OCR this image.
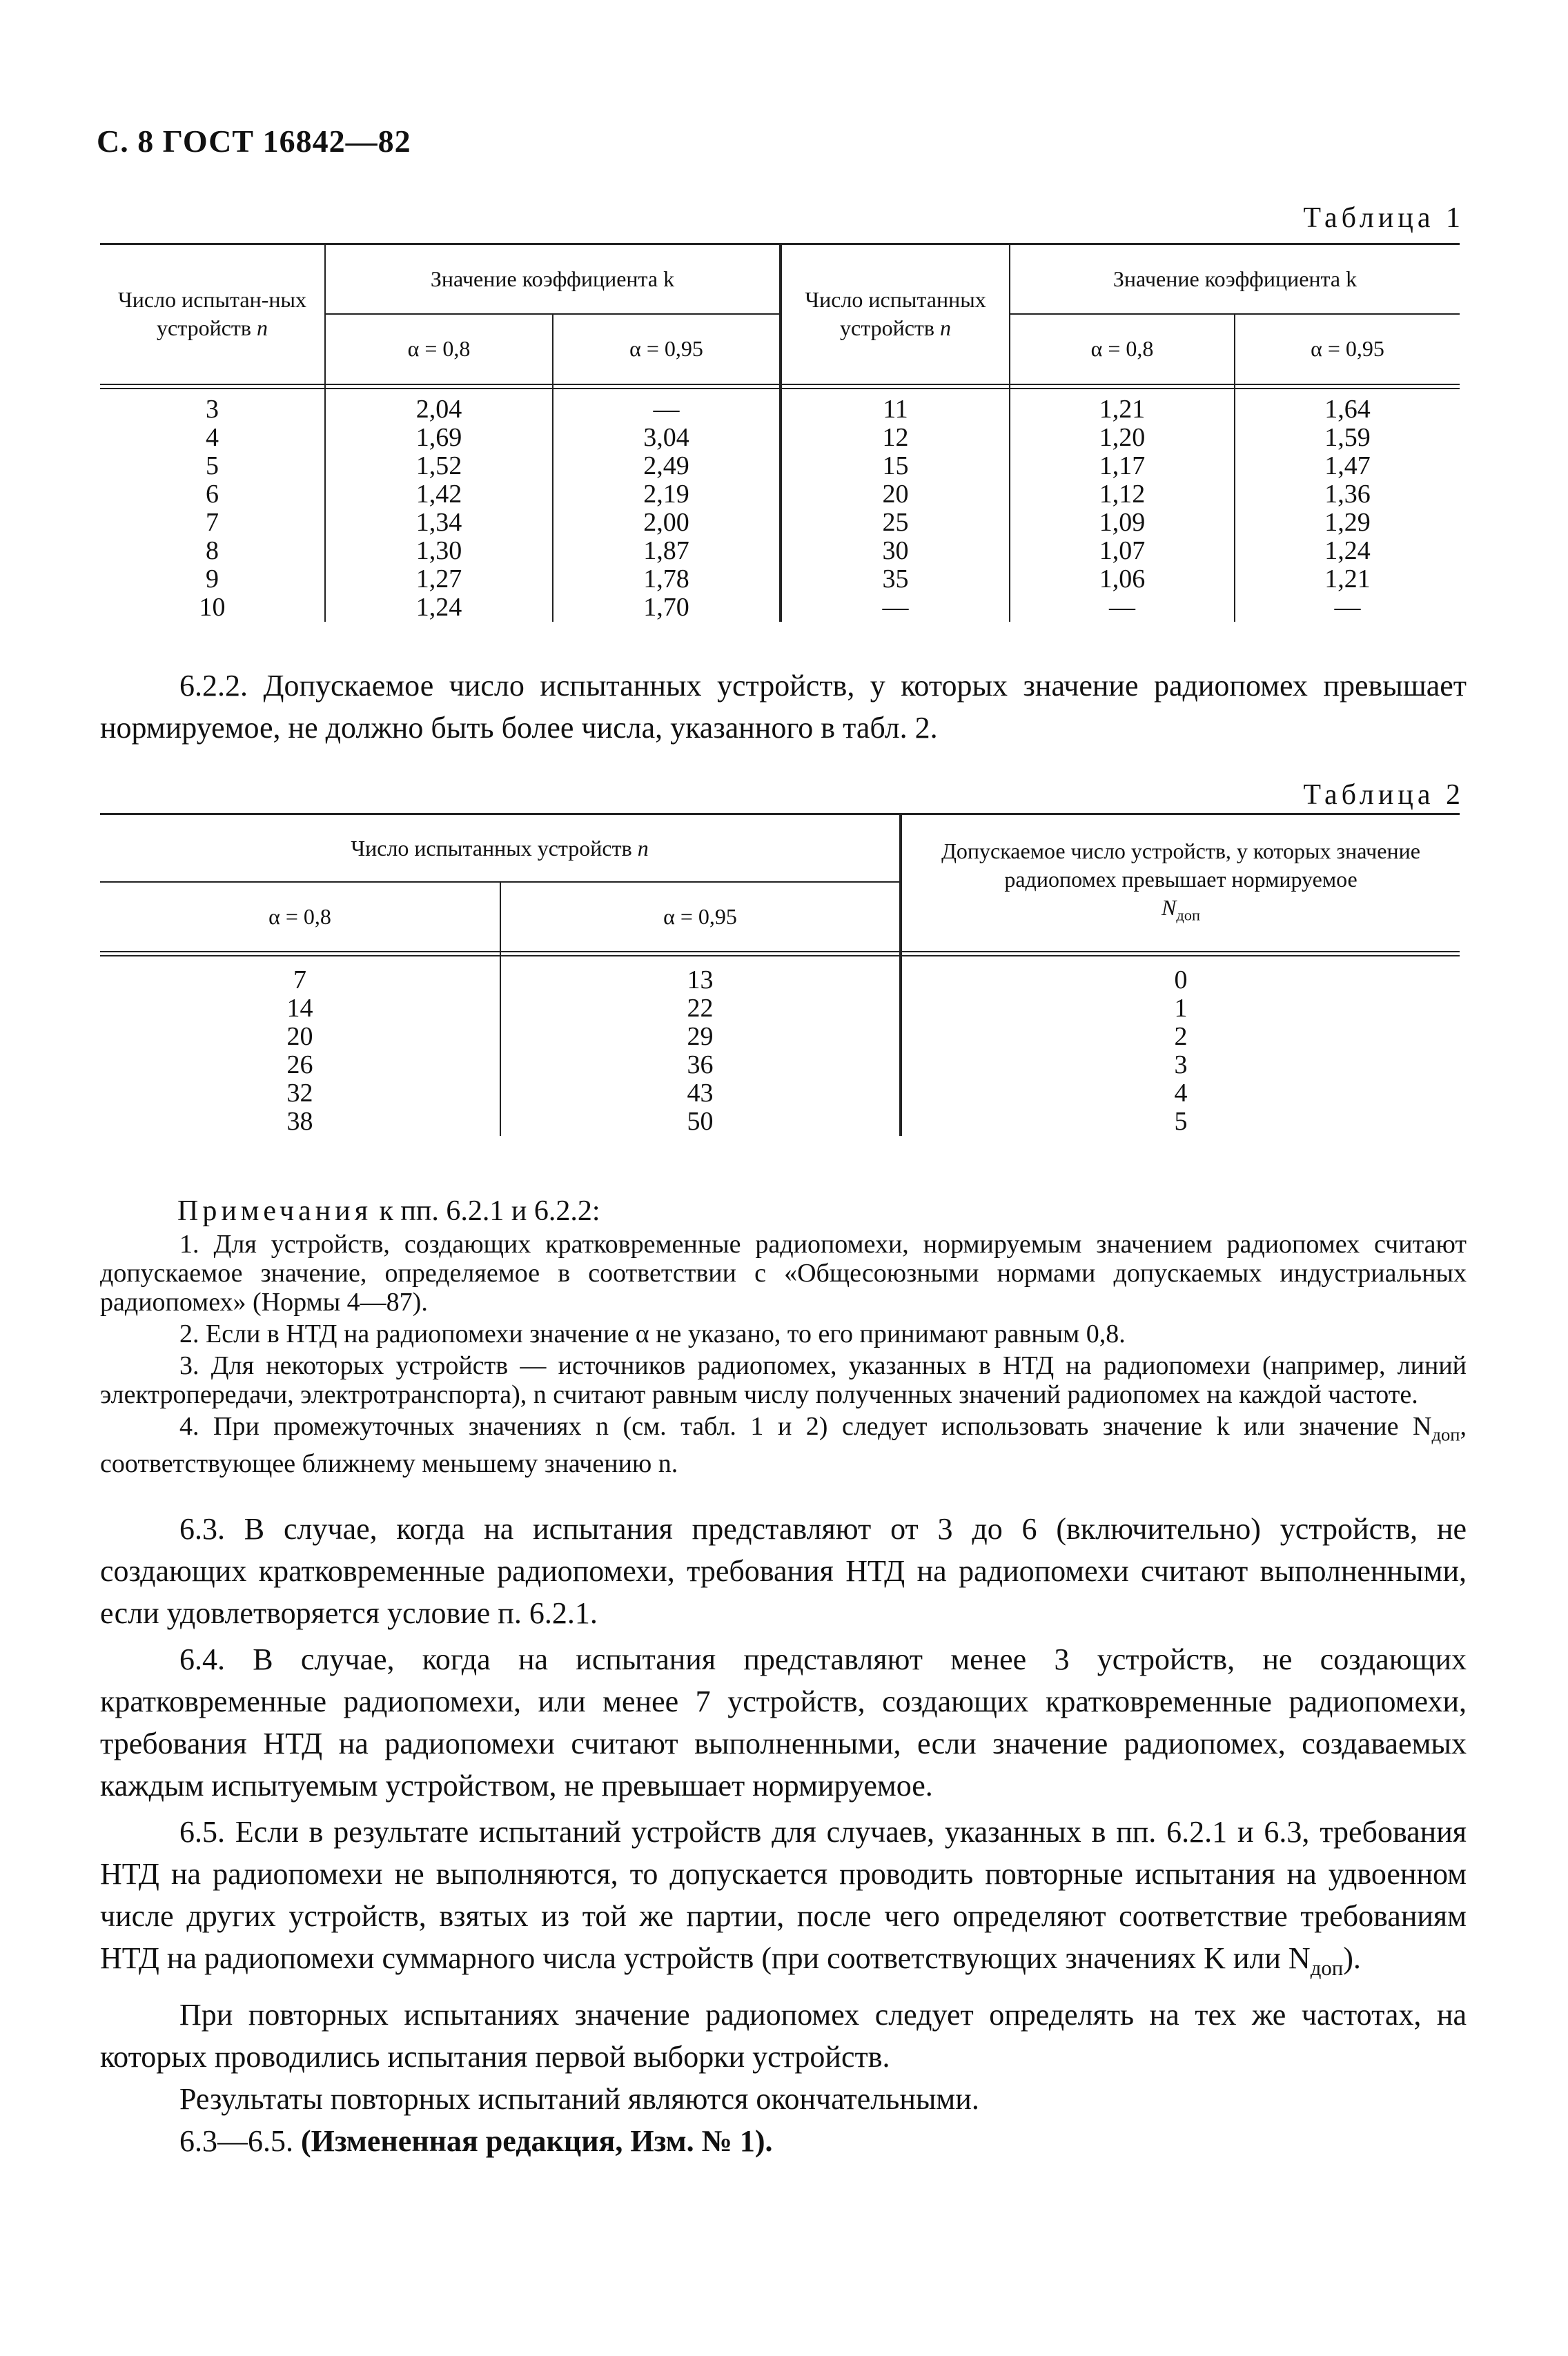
С. 8 ГОСТ 16842—82
Таблица 1
Число испытан-ных устройств n	Значение коэффициента k		Число испытанных устройств n	Значение коэффициента k	
	α = 0,8	α = 0,95		α = 0,8	α = 0,95
3	2,04	—	11	1,21	1,64
4	1,69	3,04	12	1,20	1,59
5	1,52	2,49	15	1,17	1,47
6	1,42	2,19	20	1,12	1,36
7	1,34	2,00	25	1,09	1,29
8	1,30	1,87	30	1,07	1,24
9	1,27	1,78	35	1,06	1,21
10	1,24	1,70	—	—	—
6.2.2. Допускаемое число испытанных устройств, у которых значение радиопомех превышает нормируемое, не должно быть более числа, указанного в табл. 2.
Таблица 2
Число испытанных устройств n		Допускаемое число устройств, у которых значение радиопомех превышает нормируемое
$N_{доп}$
α = 0,8	α = 0,95	
7	13	0
14	22	1
20	29	2
26	36	3
32	43	4
38	50	5
Примечания к пп. 6.2.1 и 6.2.2:
1. Для устройств, создающих кратковременные радиопомехи, нормируемым значением радиопомех считают допускаемое значение, определяемое в соответствии с «Общесоюзными нормами допускаемых индустриальных радиопомех» (Нормы 4—87).
2. Если в НТД на радиопомехи значение α не указано, то его принимают равным 0,8.
3. Для некоторых устройств — источников радиопомех, указанных в НТД на радиопомехи (например, линий электропередачи, электротранспорта), n считают равным числу полученных значений радиопомех на каждой частоте.
4. При промежуточных значениях n (см. табл. 1 и 2) следует использовать значение k или значение $N_{доп}$, соответствующее ближнему меньшему значению n.
6.3. В случае, когда на испытания представляют от 3 до 6 (включительно) устройств, не создающих кратковременные радиопомехи, требования НТД на радиопомехи считают выполненными, если удовлетворяется условие п. 6.2.1.
6.4. В случае, когда на испытания представляют менее 3 устройств, не создающих кратковременные радиопомехи, или менее 7 устройств, создающих кратковременные радиопомехи, требования НТД на радиопомехи считают выполненными, если значение радиопомех, создаваемых каждым испытуемым устройством, не превышает нормируемое.
6.5. Если в результате испытаний устройств для случаев, указанных в пп. 6.2.1 и 6.3, требования НТД на радиопомехи не выполняются, то допускается проводить повторные испытания на удвоенном числе других устройств, взятых из той же партии, после чего определяют соответствие требованиям НТД на радиопомехи суммарного числа устройств (при соответствующих значениях K или $N_{доп}$).
При повторных испытаниях значение радиопомех следует определять на тех же частотах, на которых проводились испытания первой выборки устройств.
Результаты повторных испытаний являются окончательными.
6.3—6.5. (Измененная редакция, Изм. № 1).
